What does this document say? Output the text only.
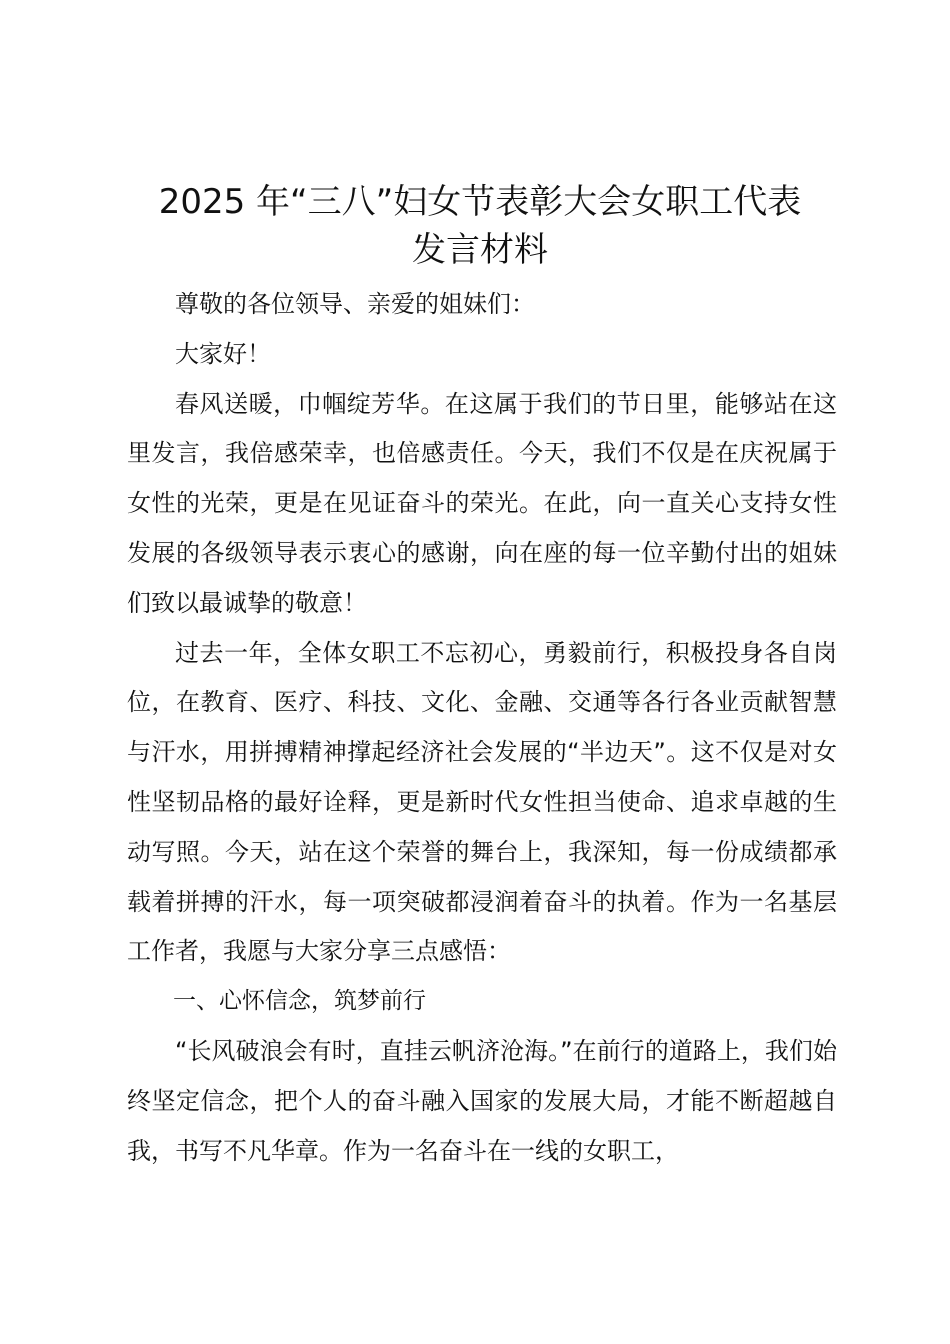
2025 年“三八”妇女节表彰大会女职工代表
发言材料

尊敬的各位领导、亲爱的姐妹们：

大家好！

春风送暖，巾帼绽芳华。在这属于我们的节日里，能够站在这里发言，我倍感荣幸，也倍感责任。今天，我们不仅是在庆祝属于女性的光荣，更是在见证奋斗的荣光。在此，向一直关心支持女性发展的各级领导表示衷心的感谢，向在座的每一位辛勤付出的姐妹们致以最诚挚的敬意！

过去一年，全体女职工不忘初心，勇毅前行，积极投身各自岗位，在教育、医疗、科技、文化、金融、交通等各行各业贡献智慧与汗水，用拼搏精神撑起经济社会发展的“半边天”。这不仅是对女性坚韧品格的最好诠释，更是新时代女性担当使命、追求卓越的生动写照。今天，站在这个荣誉的舞台上，我深知，每一份成绩都承载着拼搏的汗水，每一项突破都浸润着奋斗的执着。作为一名基层工作者，我愿与大家分享三点感悟：

一、心怀信念，筑梦前行

“长风破浪会有时，直挂云帆济沧海。”在前行的道路上，我们始终坚定信念，把个人的奋斗融入国家的发展大局，才能不断超越自我，书写不凡华章。作为一名奋斗在一线的女职工，
